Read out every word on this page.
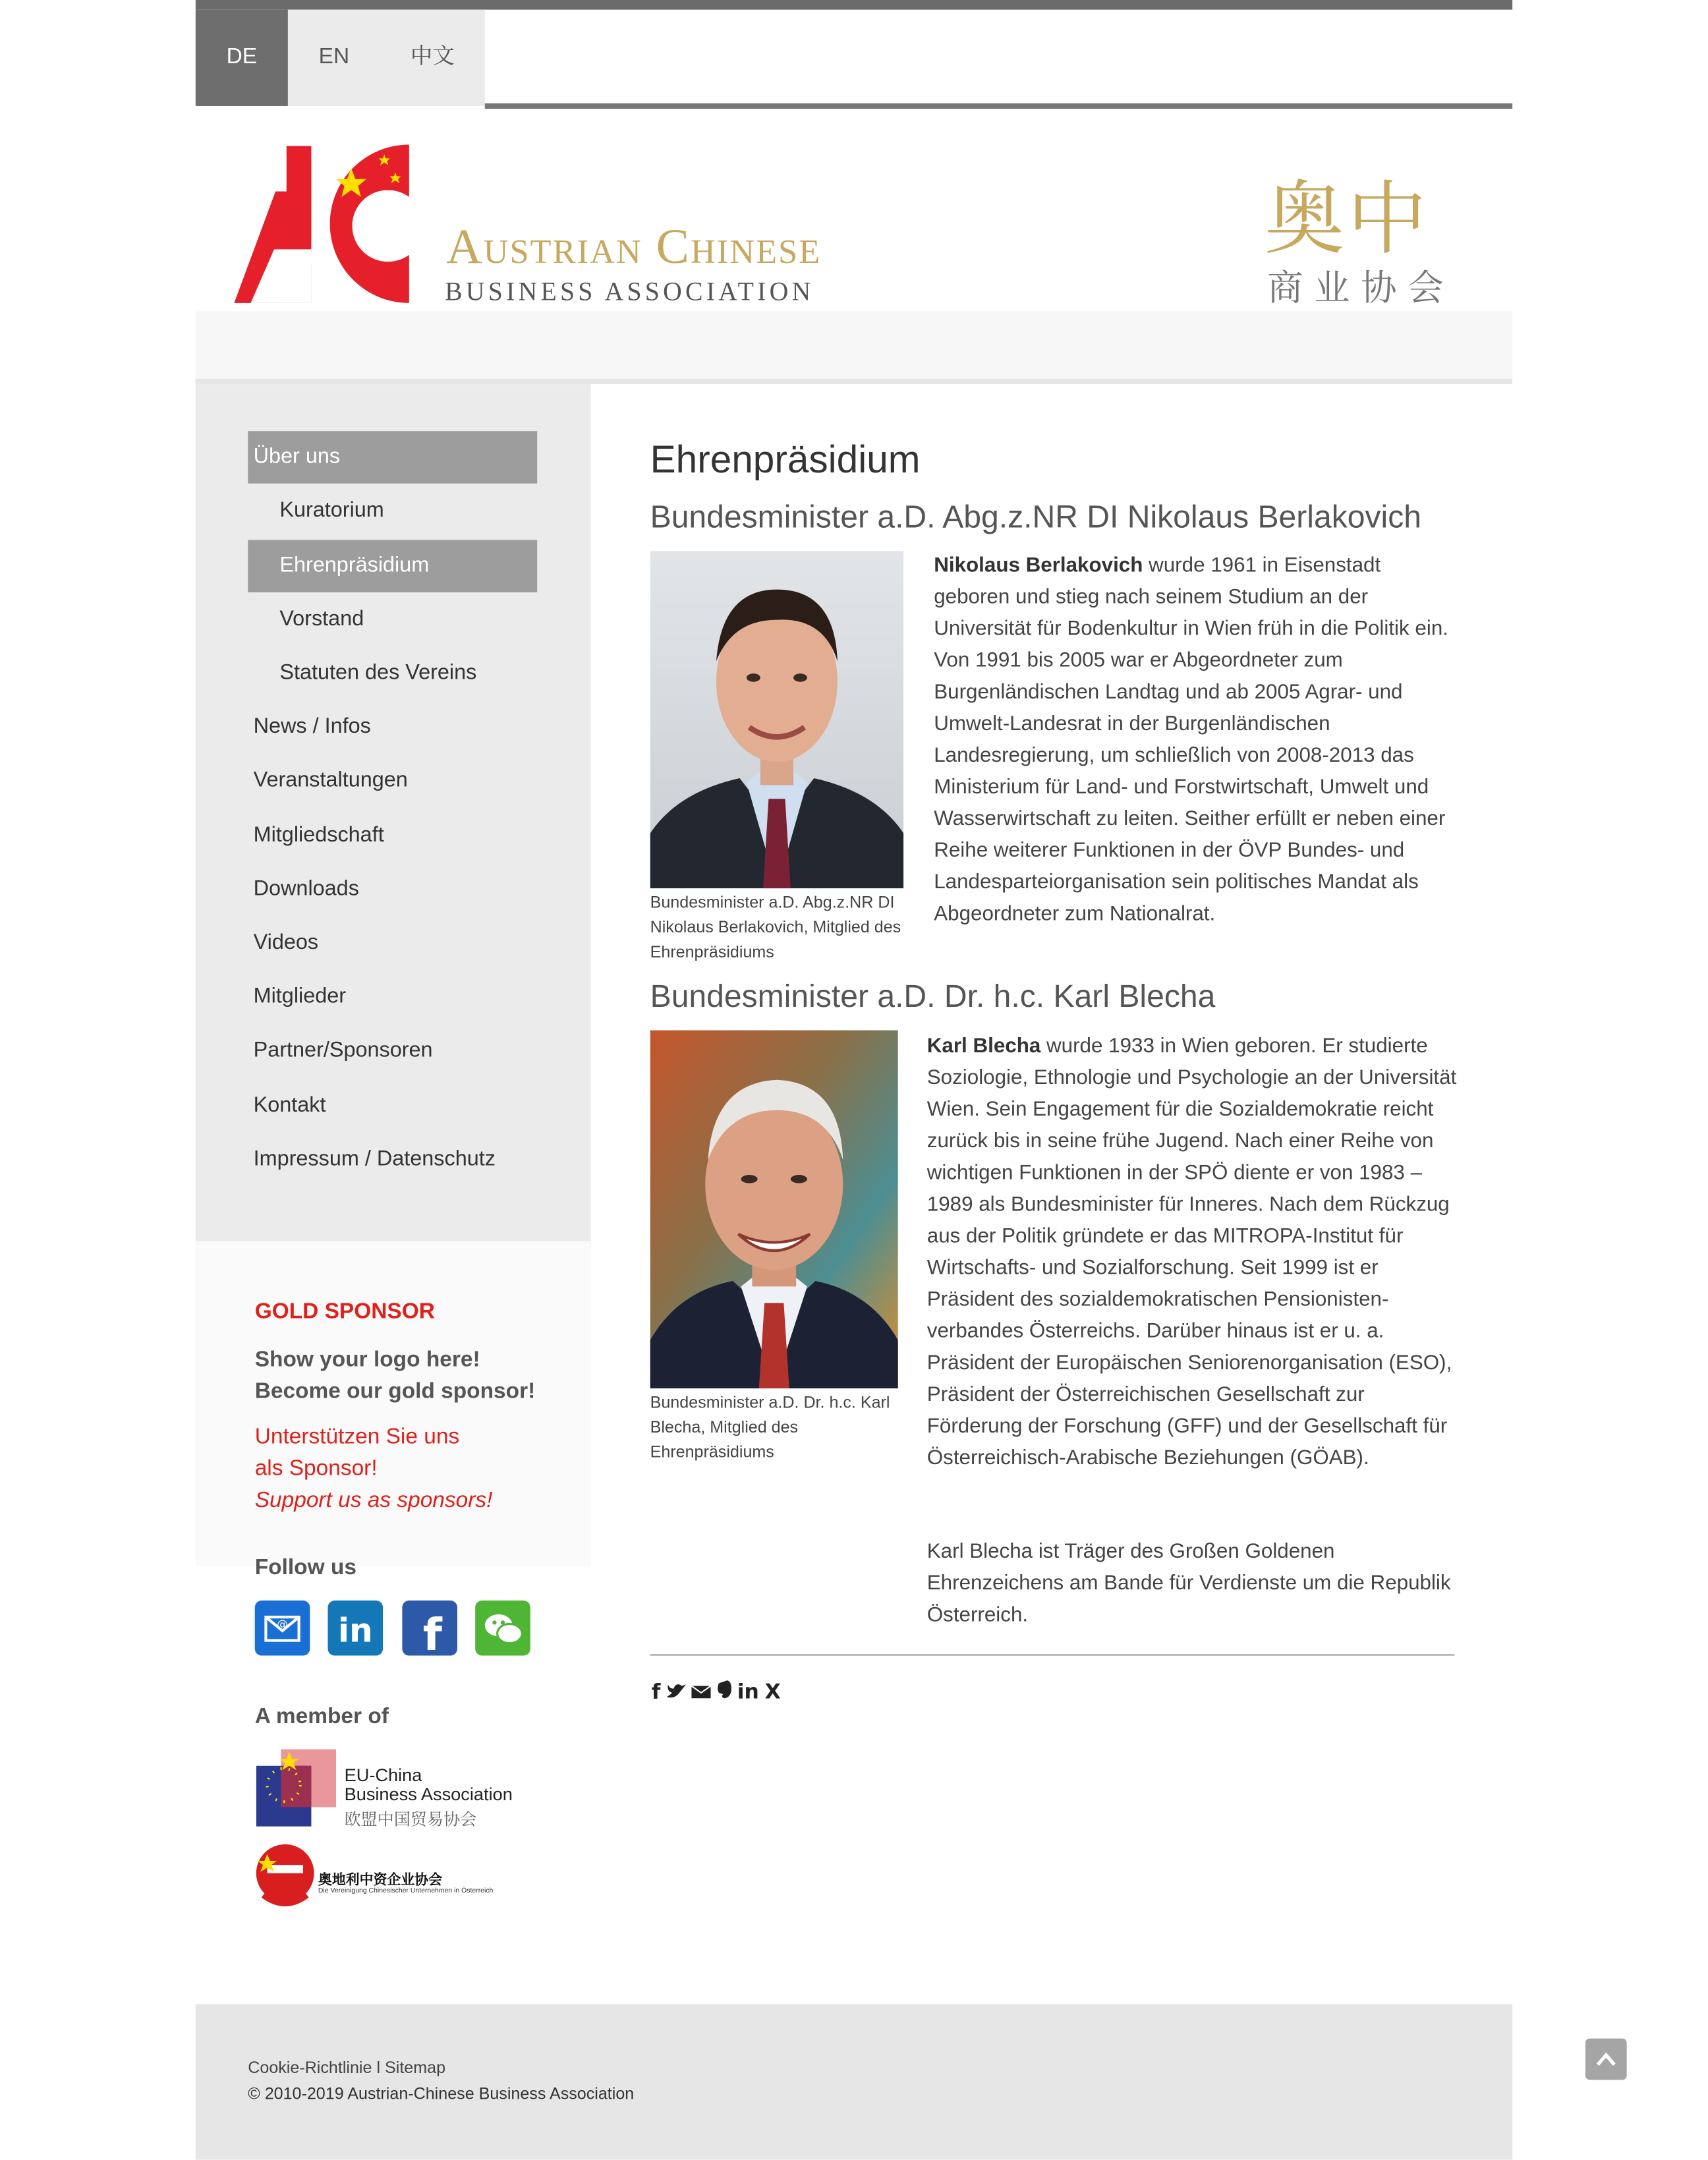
DE	EN	中文
Austrian Chinese
BUSINESS ASSOCIATION
奥中
商业协会
Über uns
Kuratorium
Ehrenpräsidium
Vorstand
Statuten des Vereins
News / Infos
Veranstaltungen
Mitgliedschaft
Downloads
Videos
Mitglieder
Partner/Sponsoren
Kontakt
Impressum / Datenschutz
GOLD SPONSOR
Show your logo here!
Become our gold sponsor!
Unterstützen Sie uns
als Sponsor!
Support us as sponsors!
Follow us
@	in f
A member of
EU-China
Business Association
欧盟中国贸易协会
奥地利中资企业协会
Die Vereinigung Chinesischer Unternehmen in Österreich
Ehrenpräsidium
Bundesminister a.D. Abg.z.NR DI Nikolaus Berlakovich
Bundesminister a.D. Abg.z.NR DI Nikolaus Berlakovich, Mitglied des Ehrenpräsidiums
Nikolaus Berlakovich wurde 1961 in Eisenstadt geboren und stieg nach seinem Studium an der Universität für Bodenkultur in Wien früh in die Politik ein. Von 1991 bis 2005 war er Abgeordneter zum Burgenländischen Landtag und ab 2005 Agrar- und Umwelt-Landesrat in der Burgenländischen Landesregierung, um schließlich von 2008-2013 das Ministerium für Land- und Forstwirtschaft, Umwelt und Wasserwirtschaft zu leiten. Seither erfüllt er neben einer Reihe weiterer Funktionen in der ÖVP Bundes- und Landesparteiorganisation sein politisches Mandat als Abgeordneter zum Nationalrat.
Bundesminister a.D. Dr. h.c. Karl Blecha
Bundesminister a.D. Dr. h.c. Karl Blecha, Mitglied des Ehrenpräsidiums
Karl Blecha wurde 1933 in Wien geboren. Er studierte Soziologie, Ethnologie und Psychologie an der Universität Wien. Sein Engagement für die Sozialdemokratie reicht zurück bis in seine frühe Jugend. Nach einer Reihe von wichtigen Funktionen in der SPÖ diente er von 1983 – 1989 als Bundesminister für Inneres. Nach dem Rückzug aus der Politik gründete er das MITROPA-Institut für Wirtschafts- und Sozialforschung. Seit 1999 ist er Präsident des sozialdemokratischen Pensionisten-verbandes Österreichs. Darüber hinaus ist er u. a. Präsident der Europäischen Seniorenorganisation (ESO), Präsident der Österreichischen Gesellschaft zur Förderung der Forschung (GFF) und der Gesellschaft für Österreichisch-Arabische Beziehungen (GÖAB).
Karl Blecha ist Träger des Großen Goldenen Ehrenzeichens am Bande für Verdienste um die Republik Österreich.
f	in X
Cookie-Richtlinie l Sitemap
© 2010-2019 Austrian-Chinese Business Association
